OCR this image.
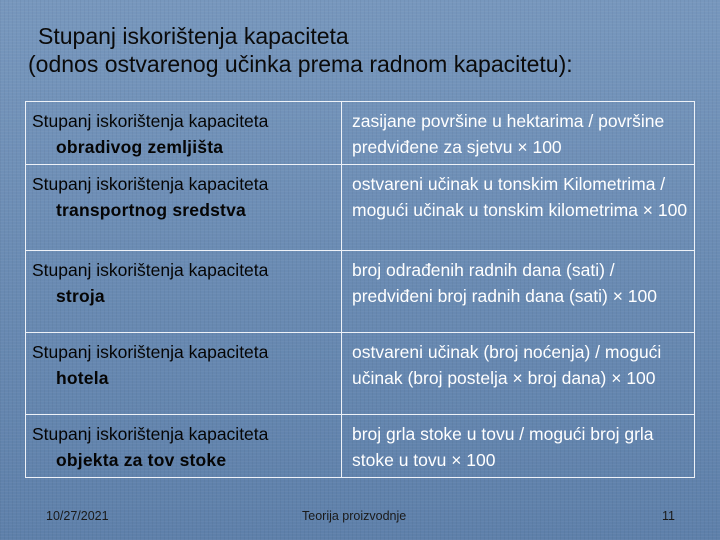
Stupanj iskorištenja kapaciteta
(odnos ostvarenog učinka prema radnom kapacitetu):
Stupanj iskorištenja kapaciteta
obradivog zemljišta	zasijane površine u hektarima / površine predviđene za sjetvu × 100
Stupanj iskorištenja kapaciteta
transportnog sredstva	ostvareni učinak u tonskim Kilometrima / mogući učinak u tonskim kilometrima × 100
Stupanj iskorištenja kapaciteta
stroja	broj odrađenih radnih dana (sati) / predviđeni broj radnih dana (sati) × 100
Stupanj iskorištenja kapaciteta
hotela	ostvareni učinak (broj noćenja) / mogući učinak (broj postelja × broj dana) × 100
Stupanj iskorištenja kapaciteta
objekta za tov stoke	broj grla stoke u tovu / mogući broj grla stoke u tovu × 100
10/27/2021	Teorija proizvodnje	11
